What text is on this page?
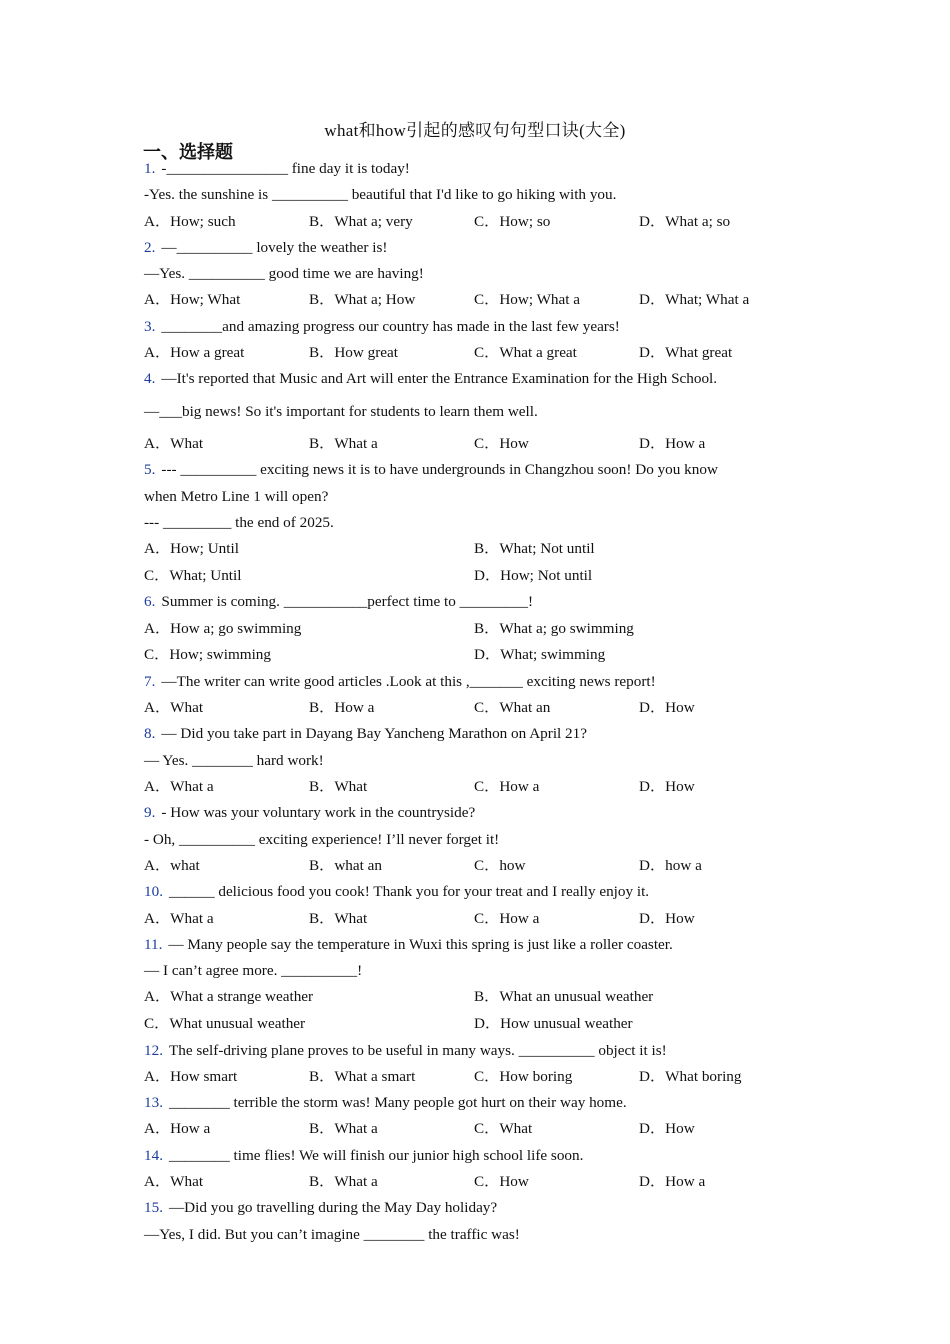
what和how引起的感叹句句型口诀(大全)
一、选择题
1. -________________ fine day it is today!
-Yes. the sunshine is __________ beautiful that I'd like to go hiking with you.
A．How; such	B．What a; very	C．How; so	D．What a; so
2. —__________ lovely the weather is!
—Yes. __________ good time we are having!
A．How; What	B．What a; How	C．How; What a	D．What; What a
3. ________and amazing progress our country has made in the last few years!
A．How a great	B．How great	C．What a great	D．What great
4. —It's reported that Music and Art will enter the Entrance Examination for the High School.
—___big news! So it's important for students to learn them well.
A．What	B．What a	C．How	D．How a
5. --- __________ exciting news it is to have undergrounds in Changzhou soon! Do you know
when Metro Line 1 will open?
--- _________ the end of 2025.
A．How; Until	B．What; Not until
C．What; Until	D．How; Not until
6. Summer is coming. ___________perfect time to _________!
A．How a; go swimming	B．What a; go swimming
C．How; swimming	D．What; swimming
7. —The writer can write good articles .Look at this ,_______ exciting news report!
A．What	B．How a	C．What an	D．How
8. — Did you take part in Dayang Bay Yancheng Marathon on April 21?
— Yes. ________ hard work!
A．What a	B．What	C．How a	D．How
9. - How was your voluntary work in the countryside?
- Oh, __________ exciting experience! I’ll never forget it!
A．what	B．what an	C．how	D．how a
10. ______ delicious food you cook! Thank you for your treat and I really enjoy it.
A．What a	B．What	C．How a	D．How
11. — Many people say the temperature in Wuxi this spring is just like a roller coaster.
— I can’t agree more. __________!
A．What a strange weather	B．What an unusual weather
C．What unusual weather	D．How unusual weather
12. The self-driving plane proves to be useful in many ways. __________ object it is!
A．How smart	B．What a smart	C．How boring	D．What boring
13. ________ terrible the storm was! Many people got hurt on their way home.
A．How a	B．What a	C．What	D．How
14. ________ time flies! We will finish our junior high school life soon.
A．What	B．What a	C．How	D．How a
15. —Did you go travelling during the May Day holiday?
—Yes, I did. But you can’t imagine ________ the traffic was!
